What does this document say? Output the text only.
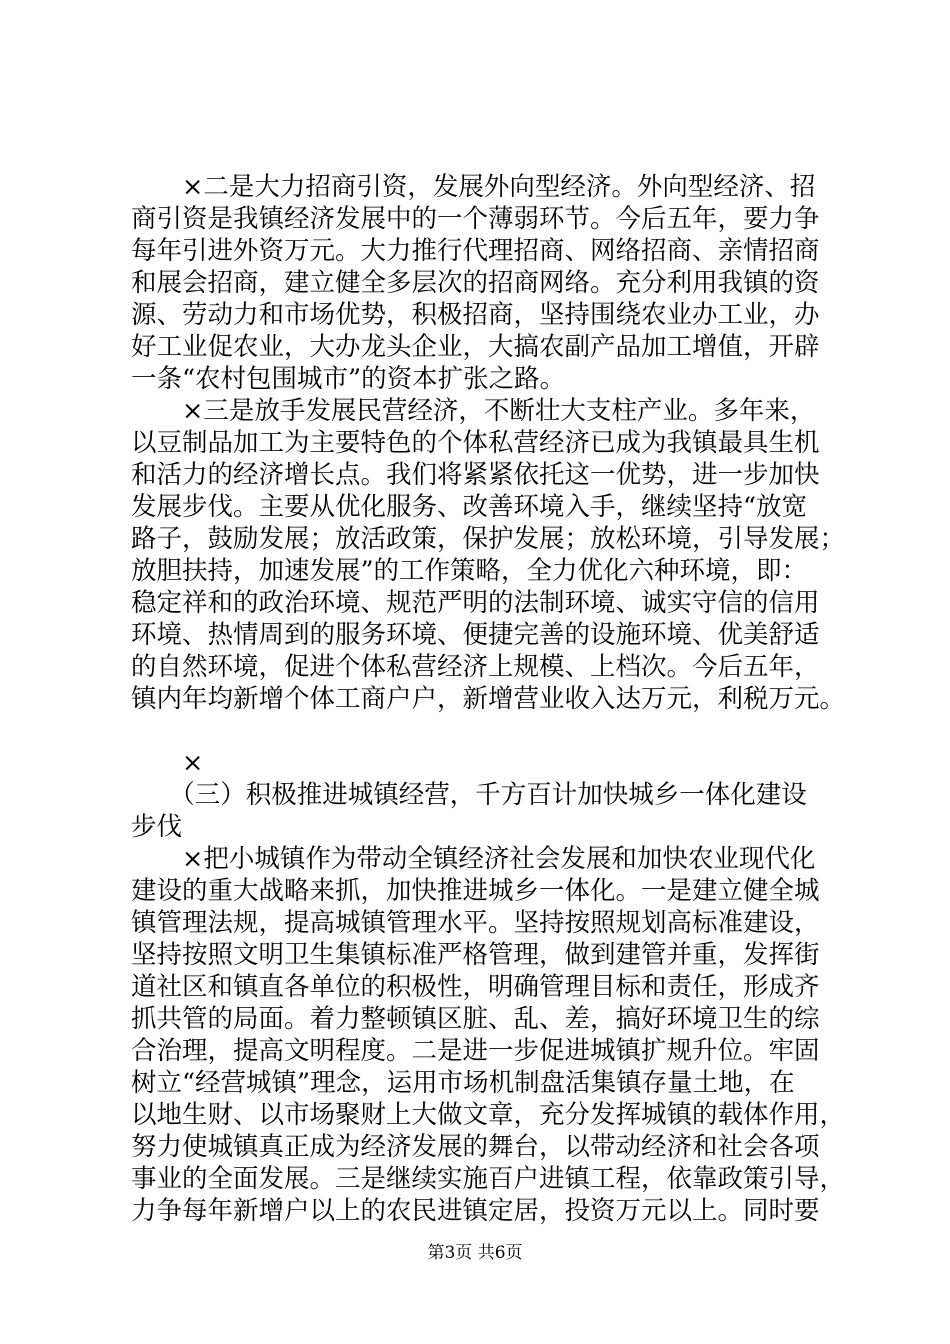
　　×二是大力招商引资，发展外向型经济。外向型经济、招
商引资是我镇经济发展中的一个薄弱环节。今后五年，要力争
每年引进外资万元。大力推行代理招商、网络招商、亲情招商
和展会招商，建立健全多层次的招商网络。充分利用我镇的资
源、劳动力和市场优势，积极招商，坚持围绕农业办工业，办
好工业促农业，大办龙头企业，大搞农副产品加工增值，开辟
一条“农村包围城市”的资本扩张之路。
　　×三是放手发展民营经济，不断壮大支柱产业。多年来，
以豆制品加工为主要特色的个体私营经济已成为我镇最具生机
和活力的经济增长点。我们将紧紧依托这一优势，进一步加快
发展步伐。主要从优化服务、改善环境入手，继续坚持“放宽
路子，鼓励发展；放活政策，保护发展；放松环境，引导发展；
放胆扶持，加速发展”的工作策略，全力优化六种环境，即：
稳定祥和的政治环境、规范严明的法制环境、诚实守信的信用
环境、热情周到的服务环境、便捷完善的设施环境、优美舒适
的自然环境，促进个体私营经济上规模、上档次。今后五年，
镇内年均新增个体工商户户，新增营业收入达万元，利税万元。
　　×
　　（三）积极推进城镇经营，千方百计加快城乡一体化建设
步伐
　　×把小城镇作为带动全镇经济社会发展和加快农业现代化
建设的重大战略来抓，加快推进城乡一体化。一是建立健全城
镇管理法规，提高城镇管理水平。坚持按照规划高标准建设，
坚持按照文明卫生集镇标准严格管理，做到建管并重，发挥街
道社区和镇直各单位的积极性，明确管理目标和责任，形成齐
抓共管的局面。着力整顿镇区脏、乱、差，搞好环境卫生的综
合治理，提高文明程度。二是进一步促进城镇扩规升位。牢固
树立“经营城镇”理念，运用市场机制盘活集镇存量土地，在
以地生财、以市场聚财上大做文章，充分发挥城镇的载体作用，
努力使城镇真正成为经济发展的舞台，以带动经济和社会各项
事业的全面发展。三是继续实施百户进镇工程，依靠政策引导，
力争每年新增户以上的农民进镇定居，投资万元以上。同时要
第3页 共6页
